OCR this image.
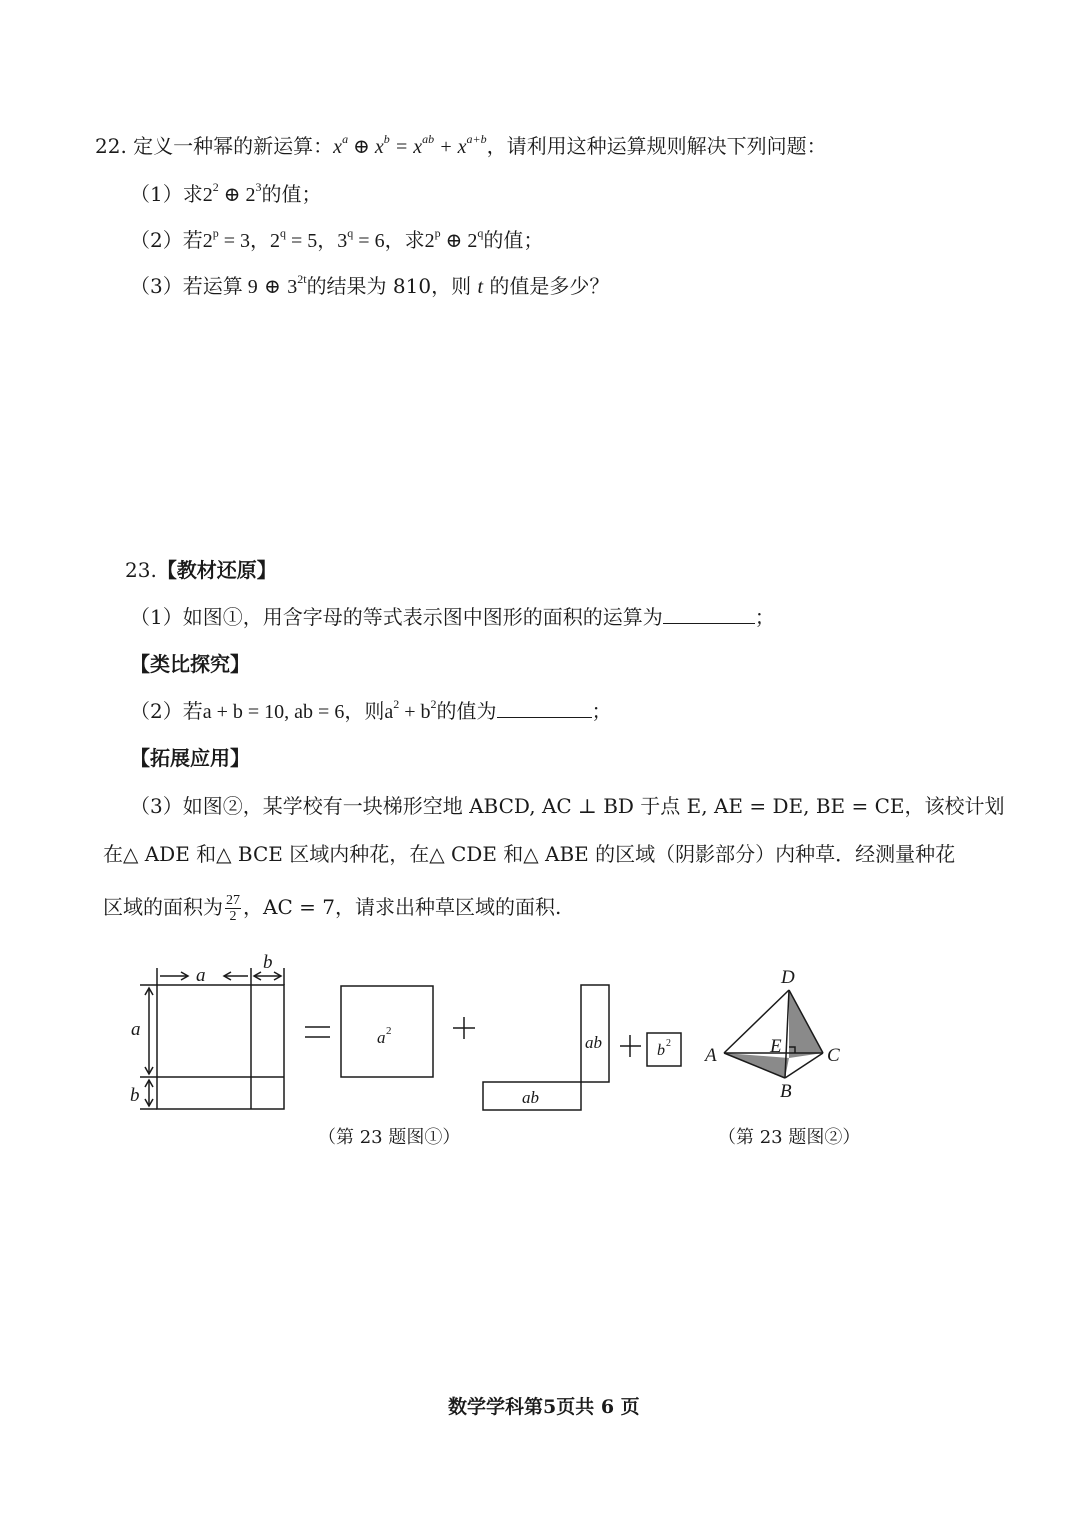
22. 定义一种幂的新运算：$x^a$ ⊕ $x^b = x^{ab} + x^{a+b}$，请利用这种运算规则解决下列问题：
（1）求$2^2$ ⊕ $2^3$的值；
（2）若$2^p = 3$，$2^q = 5$，$3^q = 6$，求2$^p$ ⊕ 2$^q$的值；
（3）若运算 9 ⊕ $3^{2t}$的结果为 810，则 t 的值是多少？
23.【教材还原】
（1）如图①，用含字母的等式表示图中图形的面积的运算为	；
【类比探究】
（2）若a + b = 10, ab = 6，则$a^2 + b^2$的值为	；
【拓展应用】
（3）如图②，某学校有一块梯形空地 ABCD, AC ⊥ BD 于点 E, AE = DE, BE = CE，该校计划
在△ ADE 和△ BCE 区域内种花，在△ CDE 和△ ABE 的区域（阴影部分）内种草．经测量种花
区域的面积为 $\frac{27}{2}$ ，AC = 7，请求出种草区域的面积.
a
b
a
b
a 2
ab
ab
b 2
D
A	E C
B
（第 23 题图①）	（第 23 题图②）
数学学科第5页共 6 页
